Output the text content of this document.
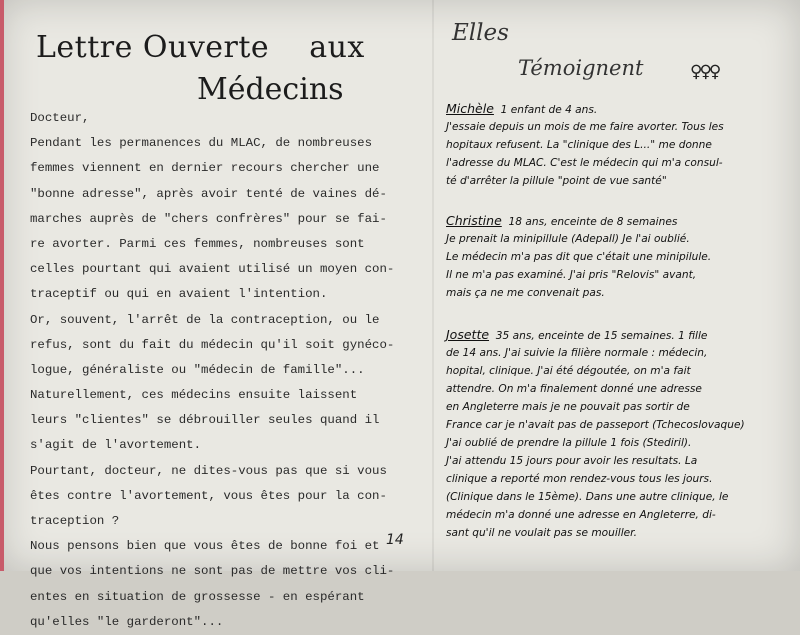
Lettre Ouverte aux
Médecins

Docteur,

Pendant les permanences du MLAC, de nombreuses

femmes viennent en dernier recours chercher une

"bonne adresse", après avoir tenté de vaines dé-

marches auprès de "chers confrères" pour se fai-

re avorter. Parmi ces femmes, nombreuses sont

celles pourtant qui avaient utilisé un moyen con-

traceptif ou qui en avaient l'intention.

Or, souvent, l'arrêt de la contraception, ou le

refus, sont du fait du médecin qu'il soit gynéco-

logue, généraliste ou "médecin de famille"...

Naturellement, ces médecins ensuite laissent

leurs "clientes" se débrouiller seules quand il

s'agit de l'avortement.

Pourtant, docteur, ne dites-vous pas que si vous

êtes contre l'avortement, vous êtes pour la con-

traception ?

Nous pensons bien que vous êtes de bonne foi et

que vos intentions ne sont pas de mettre vos cli-

entes en situation de grossesse - en espérant

qu'elles "le garderont"...

14
Elles
Témoignent	♀♀♀

Michèle 1 enfant de 4 ans.

J'essaie depuis un mois de me faire avorter. Tous les

hopitaux refusent. La "clinique des L..." me donne

l'adresse du MLAC. C'est le médecin qui m'a consul-

té d'arrêter la pillule "point de vue santé"

Christine 18 ans, enceinte de 8 semaines

Je prenait la minipillule (Adepall) Je l'ai oublié.

Le médecin m'a pas dit que c'était une minipilule.

Il ne m'a pas examiné. J'ai pris "Relovis" avant,

mais ça ne me convenait pas.

Josette 35 ans, enceinte de 15 semaines. 1 fille

de 14 ans. J'ai suivie la filière normale : médecin,

hopital, clinique. J'ai été dégoutée, on m'a fait

attendre. On m'a finalement donné une adresse

en Angleterre mais je ne pouvait pas sortir de

France car je n'avait pas de passeport (Tchecoslovaque)

J'ai oublié de prendre la pillule 1 fois (Stediril).

J'ai attendu 15 jours pour avoir les resultats. La

clinique a reporté mon rendez-vous tous les jours.

(Clinique dans le 15ème). Dans une autre clinique, le

médecin m'a donné une adresse en Angleterre, di-

sant qu'il ne voulait pas se mouiller.
